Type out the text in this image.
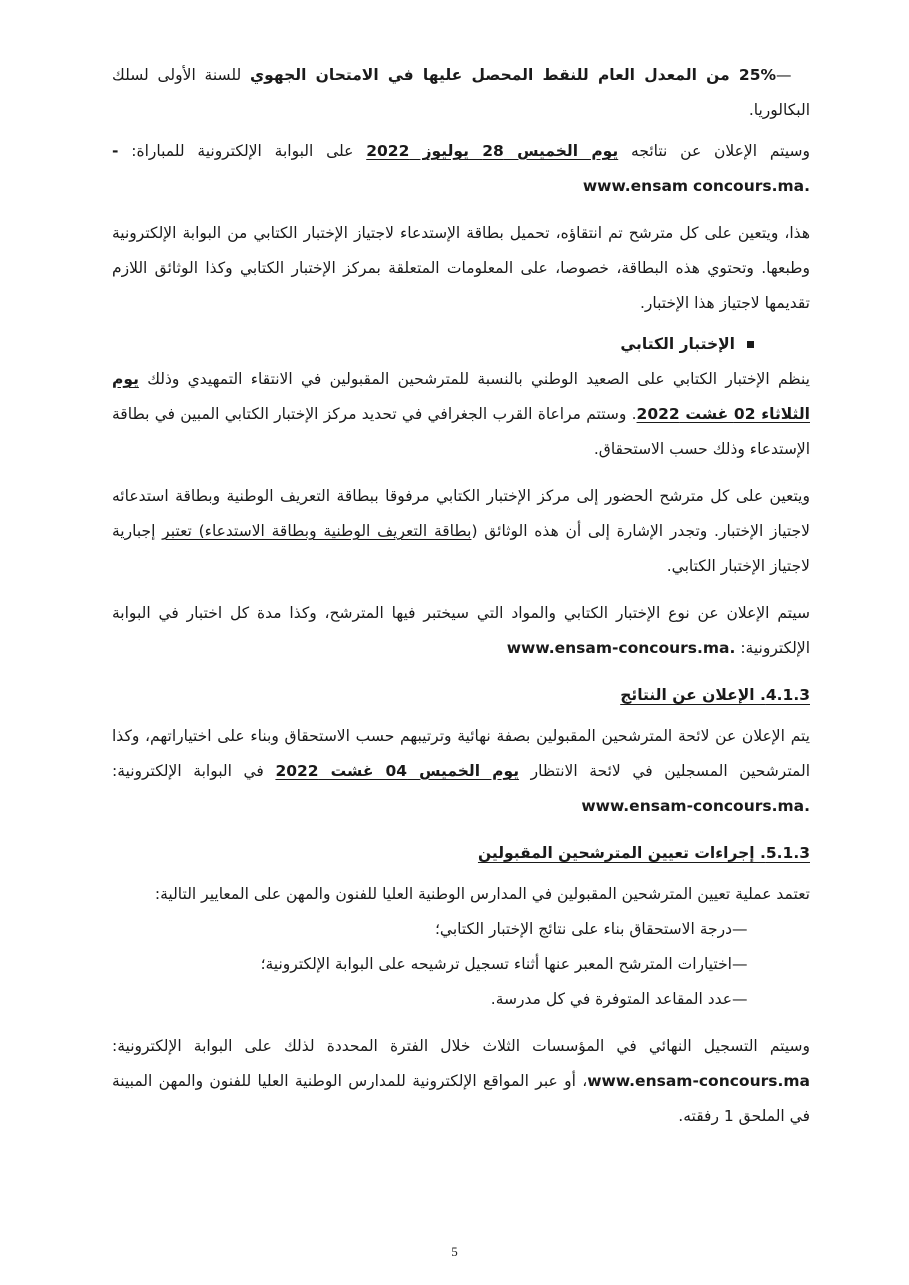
—25% من المعدل العام للنقط المحصل عليها في الامتحان الجهوي للسنة الأولى لسلك البكالوريا.

وسيتم الإعلان عن نتائجه يوم الخميس 28 يوليوز 2022 على البوابة الإلكترونية للمباراة: -www.ensam concours.ma.

هذا، ويتعين على كل مترشح تم انتقاؤه، تحميل بطاقة الإستدعاء لاجتياز الإختبار الكتابي من البوابة الإلكترونية وطبعها. وتحتوي هذه البطاقة، خصوصا، على المعلومات المتعلقة بمركز الإختبار الكتابي وكذا الوثائق اللازم تقديمها لاجتياز هذا الإختبار.

الإختبار الكتابي

ينظم الإختبار الكتابي على الصعيد الوطني بالنسبة للمترشحين المقبولين في الانتقاء التمهيدي وذلك يوم الثلاثاء 02 غشت 2022. وستتم مراعاة القرب الجغرافي في تحديد مركز الإختبار الكتابي المبين في بطاقة الإستدعاء وذلك حسب الاستحقاق.

ويتعين على كل مترشح الحضور إلى مركز الإختبار الكتابي مرفوقا ببطاقة التعريف الوطنية وبطاقة استدعائه لاجتياز الإختبار. وتجدر الإشارة إلى أن هذه الوثائق (بطاقة التعريف الوطنية وبطاقة الاستدعاء) تعتبر إجبارية لاجتياز الإختبار الكتابي.

سيتم الإعلان عن نوع الإختبار الكتابي والمواد التي سيختبر فيها المترشح، وكذا مدة كل اختبار في البوابة الإلكترونية: www.ensam-concours.ma.

4.1.3. الإعلان عن النتائج

يتم الإعلان عن لائحة المترشحين المقبولين بصفة نهائية وترتيبهم حسب الاستحقاق وبناء على اختياراتهم، وكذا المترشحين المسجلين في لائحة الانتظار يوم الخميس 04 غشت 2022 في البوابة الإلكترونية: www.ensam-concours.ma.

5.1.3. إجراءات تعيين المترشحين المقبولين

تعتمد عملية تعيين المترشحين المقبولين في المدارس الوطنية العليا للفنون والمهن على المعايير التالية:

—درجة الاستحقاق بناء على نتائج الإختبار الكتابي؛

—اختيارات المترشح المعبر عنها أثناء تسجيل ترشيحه على البوابة الإلكترونية؛

—عدد المقاعد المتوفرة في كل مدرسة.

وسيتم التسجيل النهائي في المؤسسات الثلاث خلال الفترة المحددة لذلك على البوابة الإلكترونية: www.ensam-concours.ma، أو عبر المواقع الإلكترونية للمدارس الوطنية العليا للفنون والمهن المبينة في الملحق 1 رفقته.

5
